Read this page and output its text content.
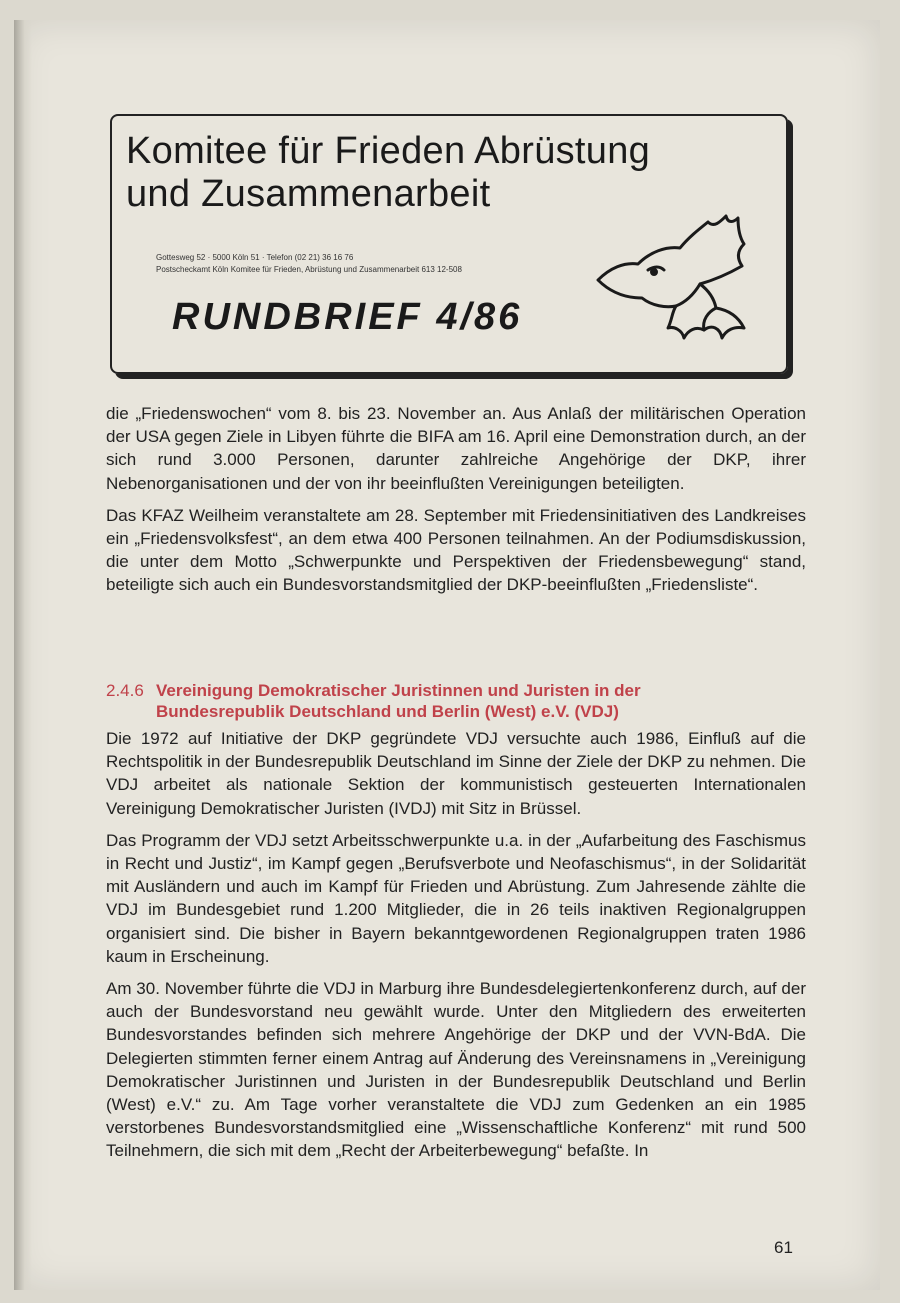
Komitee für Frieden Abrüstung
und Zusammenarbeit
Gottesweg 52 · 5000 Köln 51 · Telefon (02 21) 36 16 76
Postscheckamt Köln Komitee für Frieden, Abrüstung und Zusammenarbeit 613 12-508
RUNDBRIEF 4/86

die „Friedenswochen“ vom 8. bis 23. November an. Aus Anlaß der militärischen Operation der USA gegen Ziele in Libyen führte die BIFA am 16. April eine Demonstration durch, an der sich rund 3.000 Personen, darunter zahlreiche Angehörige der DKP, ihrer Nebenorganisationen und der von ihr beeinflußten Vereinigungen beteiligten.

Das KFAZ Weilheim veranstaltete am 28. September mit Friedensinitiativen des Landkreises ein „Friedensvolksfest“, an dem etwa 400 Personen teilnahmen. An der Podiumsdiskussion, die unter dem Motto „Schwerpunkte und Perspektiven der Friedensbewegung“ stand, beteiligte sich auch ein Bundesvorstandsmitglied der DKP-beeinflußten „Friedensliste“.

2.4.6 Vereinigung Demokratischer Juristinnen und Juristen in der
Bundesrepublik Deutschland und Berlin (West) e.V. (VDJ)

Die 1972 auf Initiative der DKP gegründete VDJ versuchte auch 1986, Einfluß auf die Rechtspolitik in der Bundesrepublik Deutschland im Sinne der Ziele der DKP zu nehmen. Die VDJ arbeitet als nationale Sektion der kommunistisch gesteuerten Internationalen Vereinigung Demokratischer Juristen (IVDJ) mit Sitz in Brüssel.

Das Programm der VDJ setzt Arbeitsschwerpunkte u.a. in der „Aufarbeitung des Faschismus in Recht und Justiz“, im Kampf gegen „Berufsverbote und Neofaschismus“, in der Solidarität mit Ausländern und auch im Kampf für Frieden und Abrüstung. Zum Jahresende zählte die VDJ im Bundesgebiet rund 1.200 Mitglieder, die in 26 teils inaktiven Regionalgruppen organisiert sind. Die bisher in Bayern bekanntgewordenen Regionalgruppen traten 1986 kaum in Erscheinung.

Am 30. November führte die VDJ in Marburg ihre Bundesdelegiertenkonferenz durch, auf der auch der Bundesvorstand neu gewählt wurde. Unter den Mitgliedern des erweiterten Bundesvorstandes befinden sich mehrere Angehörige der DKP und der VVN-BdA. Die Delegierten stimmten ferner einem Antrag auf Änderung des Vereinsnamens in „Vereinigung Demokratischer Juristinnen und Juristen in der Bundesrepublik Deutschland und Berlin (West) e.V.“ zu. Am Tage vorher veranstaltete die VDJ zum Gedenken an ein 1985 verstorbenes Bundesvorstandsmitglied eine „Wissenschaftliche Konferenz“ mit rund 500 Teilnehmern, die sich mit dem „Recht der Arbeiterbewegung“ befaßte. In

61
